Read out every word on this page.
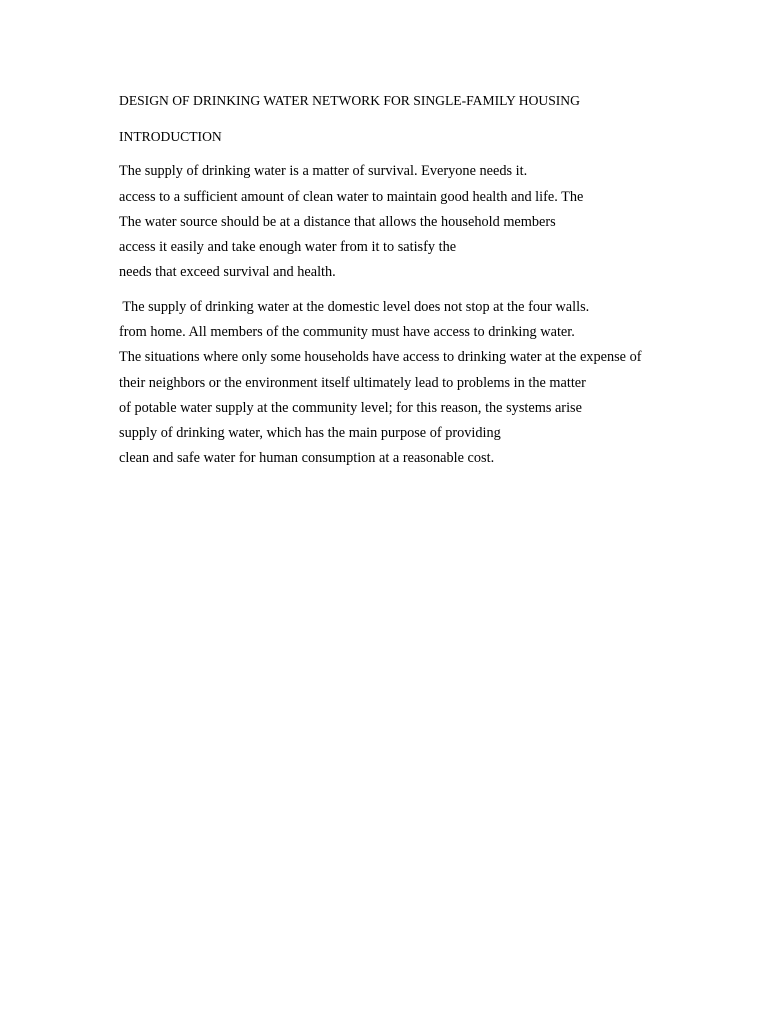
DESIGN OF DRINKING WATER NETWORK FOR SINGLE-FAMILY HOUSING
INTRODUCTION
The supply of drinking water is a matter of survival. Everyone needs it.
access to a sufficient amount of clean water to maintain good health and life. The
The water source should be at a distance that allows the household members
access it easily and take enough water from it to satisfy the
needs that exceed survival and health.
The supply of drinking water at the domestic level does not stop at the four walls.
from home. All members of the community must have access to drinking water.
The situations where only some households have access to drinking water at the expense of
their neighbors or the environment itself ultimately lead to problems in the matter
of potable water supply at the community level; for this reason, the systems arise
supply of drinking water, which has the main purpose of providing
clean and safe water for human consumption at a reasonable cost.
